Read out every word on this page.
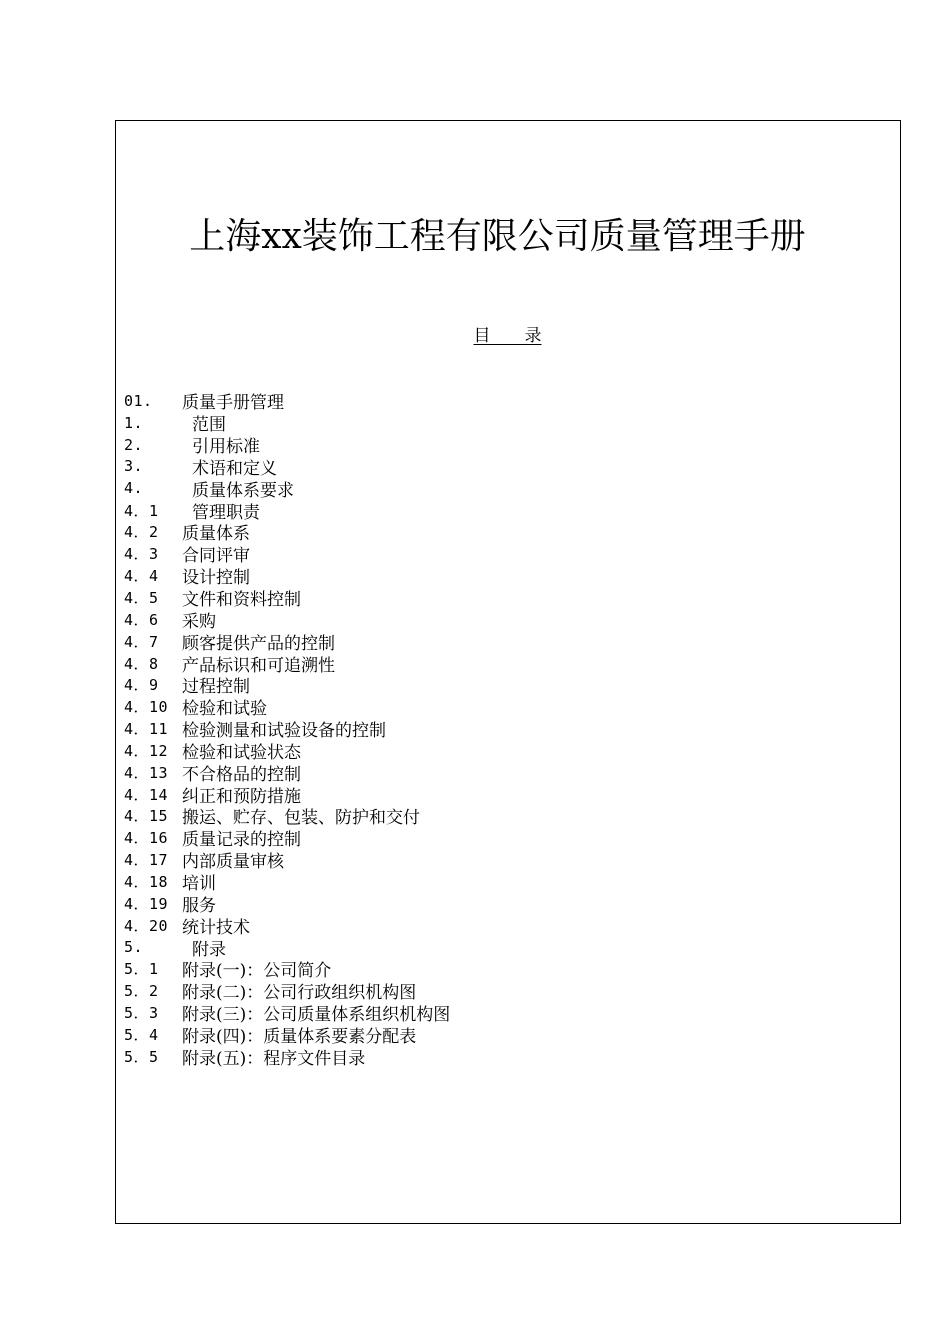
上海xx装饰工程有限公司质量管理手册
目　　录
01.	质量手册管理
1.	范围
2.	引用标准
3.	术语和定义
4.	质量体系要求
4．1	管理职责
4．2	质量体系
4．3	合同评审
4．4	设计控制
4．5	文件和资料控制
4．6	采购
4．7	顾客提供产品的控制
4．8	产品标识和可追溯性
4．9	过程控制
4．10 检验和试验
4．11 检验测量和试验设备的控制
4．12 检验和试验状态
4．13 不合格品的控制
4．14 纠正和预防措施
4．15 搬运、贮存、包装、防护和交付
4．16 质量记录的控制
4．17 内部质量审核
4．18 培训
4．19 服务
4．20 统计技术
5.	附录
5．1	附录(一)：公司简介
5．2	附录(二)：公司行政组织机构图
5．3	附录(三)：公司质量体系组织机构图
5．4	附录(四)：质量体系要素分配表
5．5	附录(五)：程序文件目录
